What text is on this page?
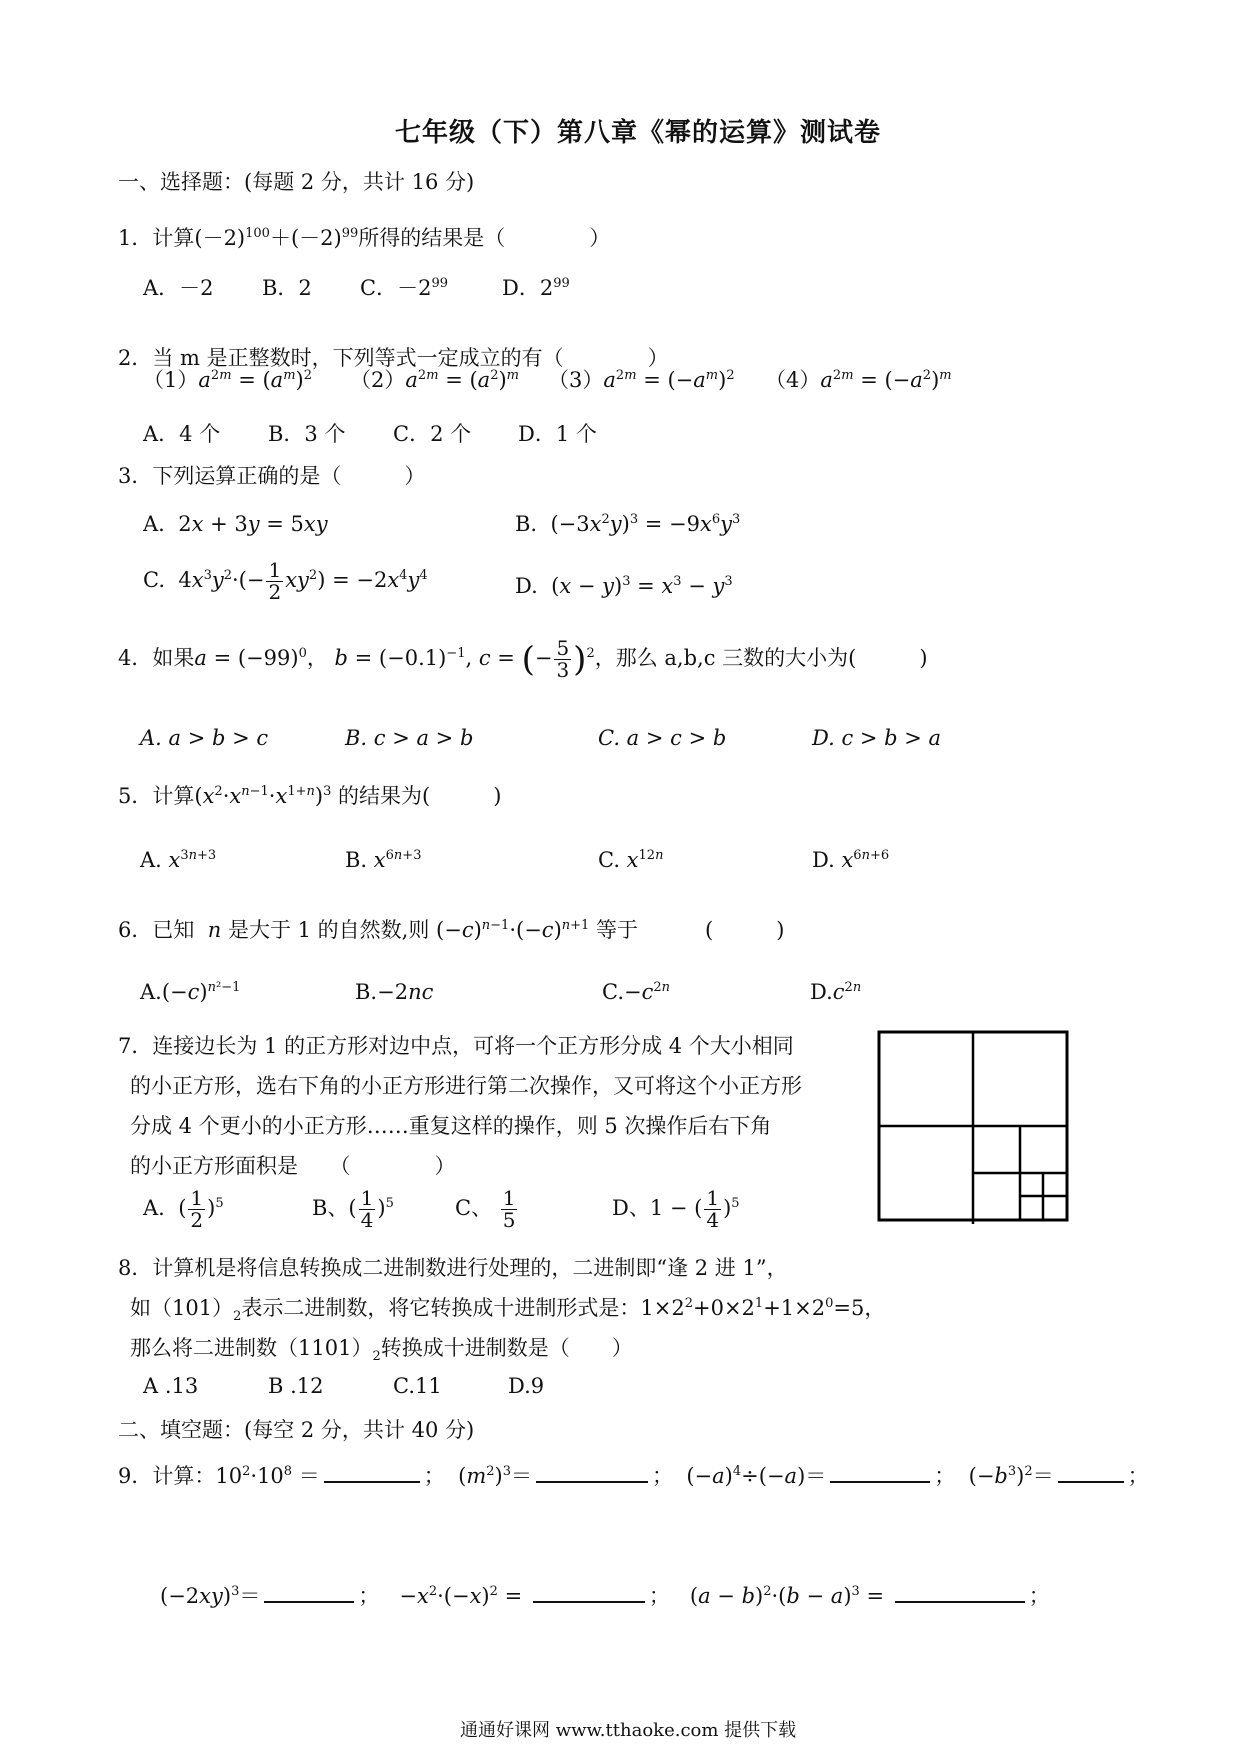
七年级（下）第八章《幂的运算》测试卷
一、选择题：(每题 2 分，共计 16 分)
1．计算$(-2)^{100}+(-2)^{99}$所得的结果是（　　　　）
A．－2 B．2 C．$-2^{99}$	D．$2^{99}$
2．当 m 是正整数时，下列等式一定成立的有（　　　　）
$(1)a^{2m} = (a^m)^2$ $(2)a^{2m} = (a^2)^m$ $(3)a^{2m} = (-a^m)^2$ $(4)a^{2m} = (-a^2)^m$
A．4 个 B．3 个 C．2 个 D．1 个
3．下列运算正确的是（　　　）
A.  2x + 3y = 5xy	B.  $(-3x^2y)^3 = -9x^6y^3$
C.  $4x^3y^2\cdot(- \frac{1}{2} xy^2) = -2x^4y^4$	D.  $(x - y)^3 = x^3 - y^3$
4．如果$a = (-99)^0$， $b = (-0.1)^{-1}$, c = (− $\frac{5}{3} )^2$，那么 a,b,c 三数的大小为(　　　)
A. a > b > c	B. c > a > b	C. a > c > b	D. c > b > a
5．计算$(x^2\cdot x^{n-1}\cdot x^{1+n})^3$ 的结果为(　　　)
A. $x^{3n+3}$	B. $x^{6n+3}$	C. $x^{12n}$	D. $x^{6n+6}$
6．已知 n 是大于 1 的自然数,则 $(-c)^{n-1}\cdot(-c)^{n+1}$ 等于	(　　　)
$A.(-c)^{n^2-1}$	B.−2nc	$C.-c^{2n}$	$D.c^{2n}$
7．连接边长为 1 的正方形对边中点，可将一个正方形分成 4 个大小相同
的小正方形，选右下角的小正方形进行第二次操作，又可将这个小正方形
分成 4 个更小的小正方形……重复这样的操作，则 5 次操作后右下角
的小正方形面积是　　（　　　　）
A.  ( $\frac{1}{2} )^5$	B、( $\frac{1}{4} )^5$	C、 $\frac{1}{5}$	D、1 − ( $\frac{1}{4} )^5$
8．计算机是将信息转换成二进制数进行处理的，二进制即“逢 2 进 1”，
如$(101)_2$表示二进制数，将它转换成十进制形式是：$1\times 2^2+0\times 2^1+1\times 2^0=5$，
那么将二进制数$(1101)_2$转换成十进制数是（　　）
A .13	B .12	C.11	D.9
二、填空题：(每空 2 分，共计 40 分)
9．计算：$10^2\cdot 10^8$ ＝	；  $(m^2)^3=$	；  $(-a)^4\div(-a)=$	；  $(-b^3)^2=$	；
$(-2xy)^3=$	；   $-x^2\cdot(-x)^2$ =	；   $(a - b)^2\cdot(b - a)^3$ =	；
通通好课网 www.tthaoke.com 提供下载
